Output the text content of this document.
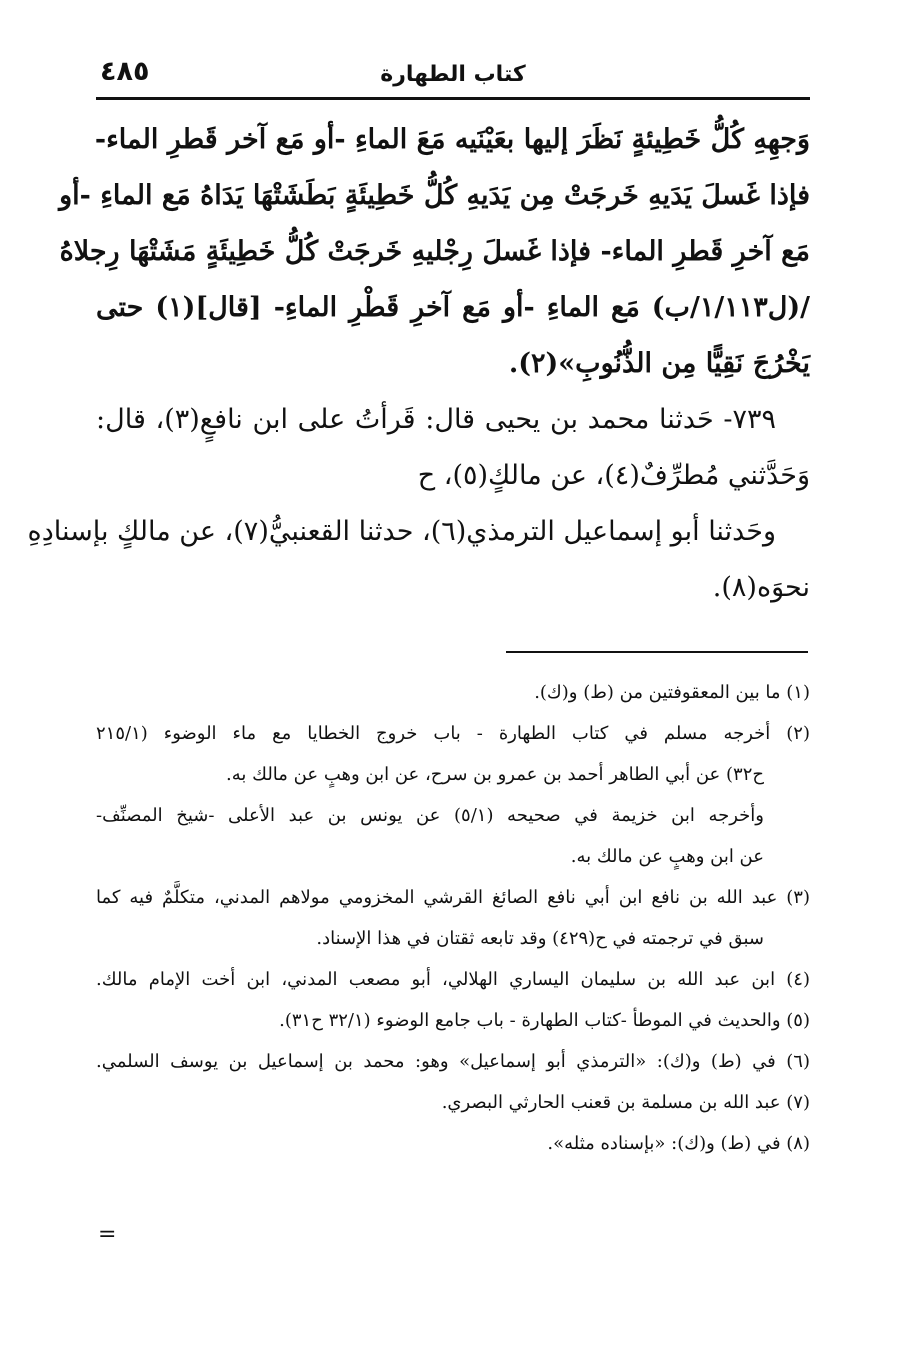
٤٨٥	كتاب الطهارة
وَجهِهِ كُلُّ خَطِيئةٍ نَظَرَ إليها بعَيْنَيه مَعَ الماءِ -أو مَع آخر قَطرِ الماء-
فإذا غَسلَ يَدَيهِ خَرجَتْ مِن يَدَيهِ كُلُّ خَطِيئَةٍ بَطَشَتْهَا يَدَاهُ مَع الماءِ -أو
مَع آخرِ قَطرِ الماء- فإذا غَسلَ رِجْليهِ خَرجَتْ كُلُّ خَطِيئَةٍ مَشَتْهَا رِجلاهُ
/(ل١/١١٣/ب) مَع الماءِ -أو مَع آخرِ قَطْرِ الماءِ- [قال](١) حتى
يَخْرُجَ نَقِيًّا مِن الذُّنُوبِ»(٢).
٧٣٩- حَدثنا محمد بن يحيى قال: قَرأتُ على ابن نافعٍ(٣)، قال:
وَحَدَّثني مُطرِّفٌ(٤)، عن مالكٍ(٥)، ح
وحَدثنا أبو إسماعيل الترمذي(٦)، حدثنا القعنبيُّ(٧)، عن مالكٍ بإسنادِهِ
نحوَه(٨).
(١) ما بين المعقوفتين من (ط) و(ك).
(٢) أخرجه مسلم في كتاب الطهارة - باب خروج الخطايا مع ماء الوضوء (٢١٥/١
ح٣٢) عن أبي الطاهر أحمد بن عمرو بن سرح، عن ابن وهبٍ عن مالك به.
وأخرجه ابن خزيمة في صحيحه (٥/١) عن يونس بن عبد الأعلى -شيخ المصنِّف-
عن ابن وهبٍ عن مالك به.
(٣) عبد الله بن نافع ابن أبي نافع الصائغ القرشي المخزومي مولاهم المدني، متكلَّمٌ فيه كما
سبق في ترجمته في ح(٤٢٩) وقد تابعه ثقتان في هذا الإسناد.
(٤) ابن عبد الله بن سليمان اليساري الهلالي، أبو مصعب المدني، ابن أخت الإمام مالك.
(٥) والحديث في الموطأ -كتاب الطهارة - باب جامع الوضوء (٣٢/١ ح٣١).
(٦) في (ط) و(ك): «الترمذي أبو إسماعيل» وهو: محمد بن إسماعيل بن يوسف السلمي.
(٧) عبد الله بن مسلمة بن قعنب الحارثي البصري.
(٨) في (ط) و(ك): «بإسناده مثله».
=
